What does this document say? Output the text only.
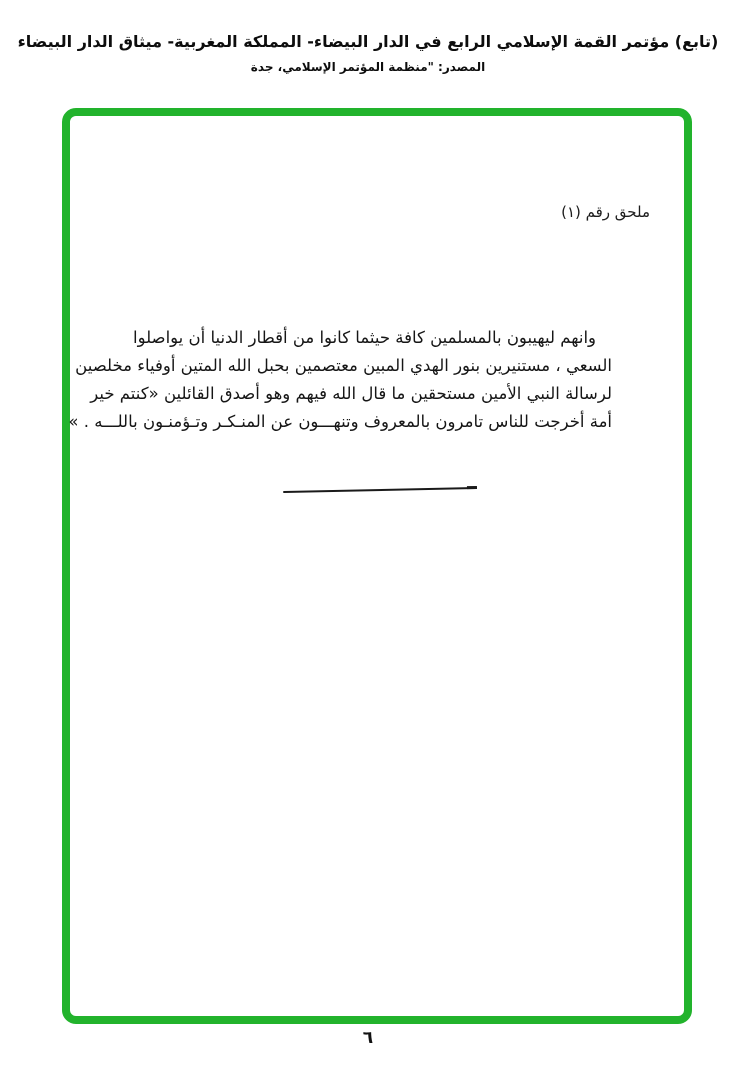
(تابع) مؤتمر القمة الإسلامي الرابع في الدار البيضاء- المملكة المغربية- ميثاق الدار البيضاء
المصدر: "منظمة المؤتمر الإسلامي، جدة
ملحق رقم (١)
وانهم ليهيبون بالمسلمين كافة حيثما كانوا من أقطار الدنيا أن يواصلوا
السعي ، مستنيرين بنور الهدي المبين معتصمين بحبل الله المتين أوفياء مخلصين
لرسالة النبي الأمين مستحقين ما قال الله فيهم وهو أصدق القائلين «كنتم خير
أمة أخرجت للناس تامرون بالمعروف وتنهـــون عن المنـكـر وتـؤمنـون باللـــه . »
٦
